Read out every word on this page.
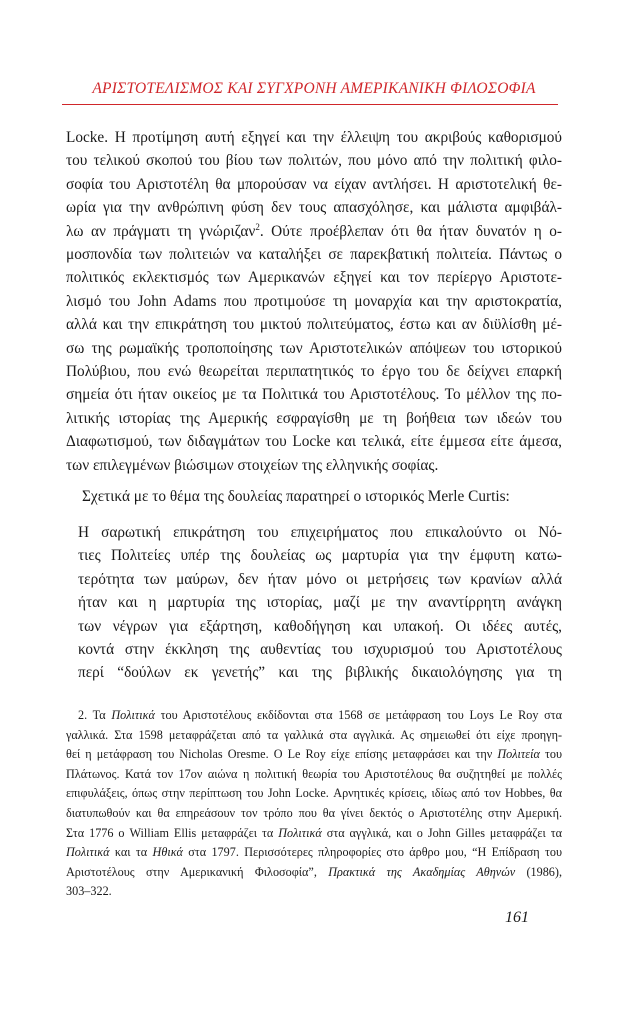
ΑΡΙΣΤΟΤΕΛΙΣΜΟΣ ΚΑΙ ΣΥΓΧΡΟΝΗ ΑΜΕΡΙΚΑΝΙΚΗ ΦΙΛΟΣΟΦΙΑ

Locke. Η προτίμηση αυτή εξηγεί και την έλλειψη του ακριβούς καθορισμού
του τελικού σκοπού του βίου των πολιτών, που μόνο από την πολιτική φιλο-
σοφία του Αριστοτέλη θα μπορούσαν να είχαν αντλήσει. Η αριστοτελική θε-
ωρία για την ανθρώπινη φύση δεν τους απασχόλησε, και μάλιστα αμφιβάλ-
λω αν πράγματι τη γνώριζαν$^2$. Ούτε προέβλεπαν ότι θα ήταν δυνατόν η ο-
μοσπονδία των πολιτειών να καταλήξει σε παρεκβατική πολιτεία. Πάντως ο
πολιτικός εκλεκτισμός των Αμερικανών εξηγεί και τον περίεργο Αριστοτε-
λισμό του John Adams που προτιμούσε τη μοναρχία και την αριστοκρατία,
αλλά και την επικράτηση του μικτού πολιτεύματος, έστω και αν διϋλίσθη μέ-
σω της ρωμαϊκής τροποποίησης των Αριστοτελικών απόψεων του ιστορικού
Πολύβιου, που ενώ θεωρείται περιπατητικός το έργο του δε δείχνει επαρκή
σημεία ότι ήταν οικείος με τα Πολιτικά του Αριστοτέλους. Το μέλλον της πο-
λιτικής ιστορίας της Αμερικής εσφραγίσθη με τη βοήθεια των ιδεών του
Διαφωτισμού, των διδαγμάτων του Locke και τελικά, είτε έμμεσα είτε άμεσα,
των επιλεγμένων βιώσιμων στοιχείων της ελληνικής σοφίας.

Σχετικά με το θέμα της δουλείας παρατηρεί ο ιστορικός Merle Curtis:

Η σαρωτική επικράτηση του επιχειρήματος που επικαλούντο οι Νό-
τιες Πολιτείες υπέρ της δουλείας ως μαρτυρία για την έμφυτη κατω-
τερότητα των μαύρων, δεν ήταν μόνο οι μετρήσεις των κρανίων αλλά
ήταν και η μαρτυρία της ιστορίας, μαζί με την αναντίρρητη ανάγκη
των νέγρων για εξάρτηση, καθοδήγηση και υπακοή. Οι ιδέες αυτές,
κοντά στην έκκληση της αυθεντίας του ισχυρισμού του Αριστοτέλους
περί “δούλων εκ γενετής” και της βιβλικής δικαιολόγησης για τη
2. Τα Πολιτικά του Αριστοτέλους εκδίδονται στα 1568 σε μετάφραση του Loys Le Roy στα
γαλλικά. Στα 1598 μεταφράζεται από τα γαλλικά στα αγγλικά. Ας σημειωθεί ότι είχε προηγη-
θεί η μετάφραση του Nicholas Oresme. Ο Le Roy είχε επίσης μεταφράσει και την Πολιτεία του
Πλάτωνος. Κατά τον 17ον αιώνα η πολιτική θεωρία του Αριστοτέλους θα συζητηθεί με πολλές
επιφυλάξεις, όπως στην περίπτωση του John Locke. Αρνητικές κρίσεις, ιδίως από τον Hobbes, θα
διατυπωθούν και θα επηρεάσουν τον τρόπο που θα γίνει δεκτός ο Αριστοτέλης στην Αμερική.
Στα 1776 ο William Ellis μεταφράζει τα Πολιτικά στα αγγλικά, και ο John Gilles μεταφράζει τα
Πολιτικά και τα Ηθικά στα 1797. Περισσότερες πληροφορίες στο άρθρο μου, “Η Επίδραση του
Αριστοτέλους στην Αμερικανική Φιλοσοφία”, Πρακτικά της Ακαδημίας Αθηνών (1986),
303–322.
161
